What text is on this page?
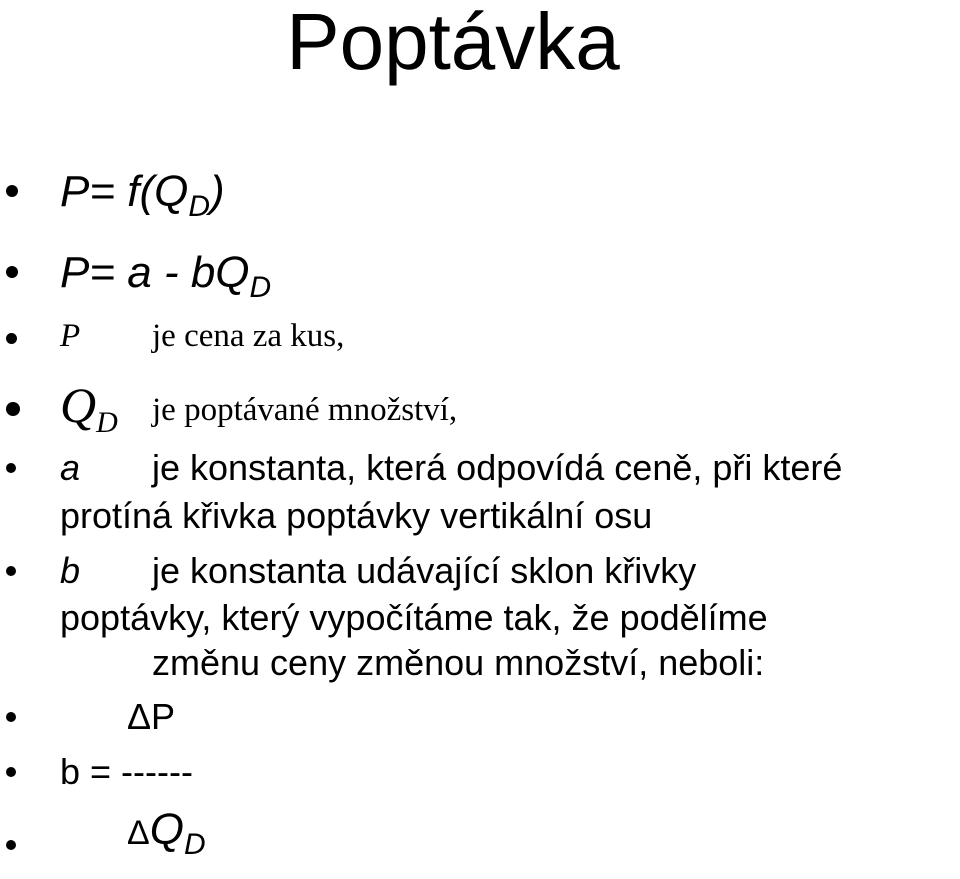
Poptávka
$P= f(Q_D)$
$P= a - bQ_D$
P je cena za kus,
$Q_D$ je poptávané množství,
a je konstanta, která odpovídá ceně, při které
protíná křivka poptávky vertikální osu
b je konstanta udávající sklon křivky
poptávky, který vypočítáme tak, že podělíme
změnu ceny změnou množství, neboli:
ΔP
b = ------
$\Delta Q_D$
